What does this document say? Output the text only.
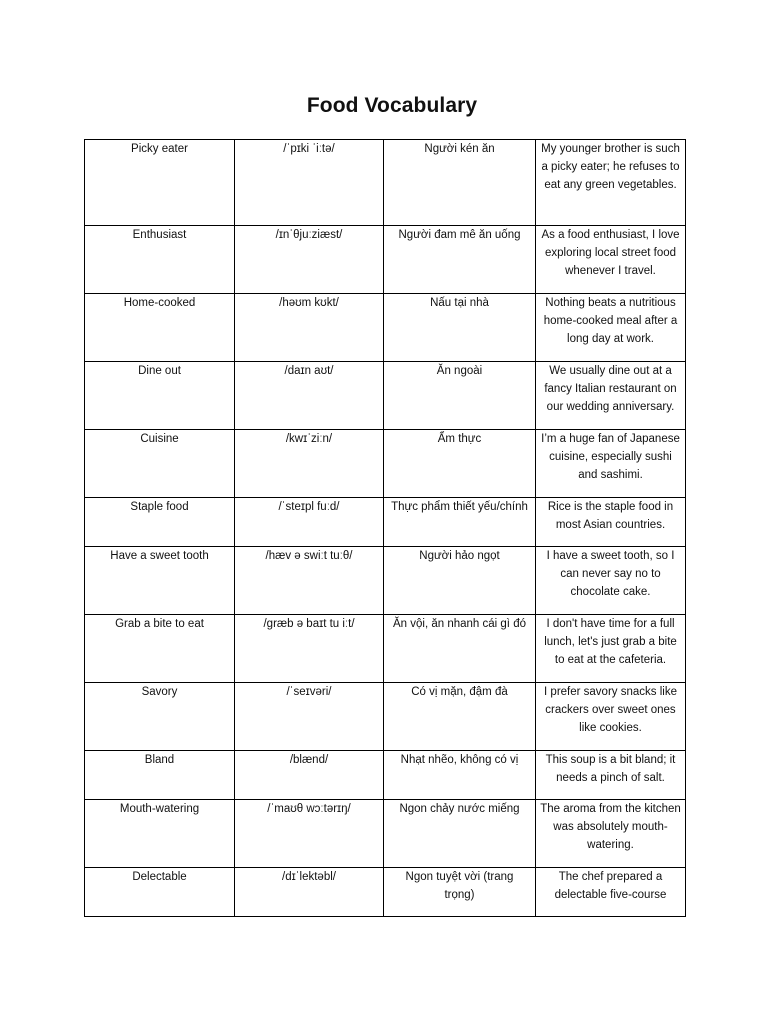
Food Vocabulary
Picky eater	/ˈpɪki ˈiːtə/	Người kén ăn	My younger brother is such a picky eater; he refuses to eat any green vegetables.
Enthusiast	/ɪnˈθjuːziæst/	Người đam mê ăn uống	As a food enthusiast, I love exploring local street food whenever I travel.
Home-cooked	/həʊm kʊkt/	Nấu tại nhà	Nothing beats a nutritious home-cooked meal after a long day at work.
Dine out	/daɪn aʊt/	Ăn ngoài	We usually dine out at a fancy Italian restaurant on our wedding anniversary.
Cuisine	/kwɪˈziːn/	Ẩm thực	I’m a huge fan of Japanese cuisine, especially sushi and sashimi.
Staple food	/ˈsteɪpl fuːd/	Thực phẩm thiết yếu/chính	Rice is the staple food in most Asian countries.
Have a sweet tooth	/hæv ə swiːt tuːθ/	Người hảo ngọt	I have a sweet tooth, so I can never say no to chocolate cake.
Grab a bite to eat	/ɡræb ə baɪt tu iːt/	Ăn vội, ăn nhanh cái gì đó	I don't have time for a full lunch, let's just grab a bite to eat at the cafeteria.
Savory	/ˈseɪvəri/	Có vị mặn, đậm đà	I prefer savory snacks like crackers over sweet ones like cookies.
Bland	/blænd/	Nhạt nhẽo, không có vị	This soup is a bit bland; it needs a pinch of salt.
Mouth-watering	/ˈmaʊθ wɔːtərɪŋ/	Ngon chảy nước miếng	The aroma from the kitchen was absolutely mouth-watering.
Delectable	/dɪˈlektəbl/	Ngon tuyệt vời (trang trọng)	The chef prepared a delectable five-course
